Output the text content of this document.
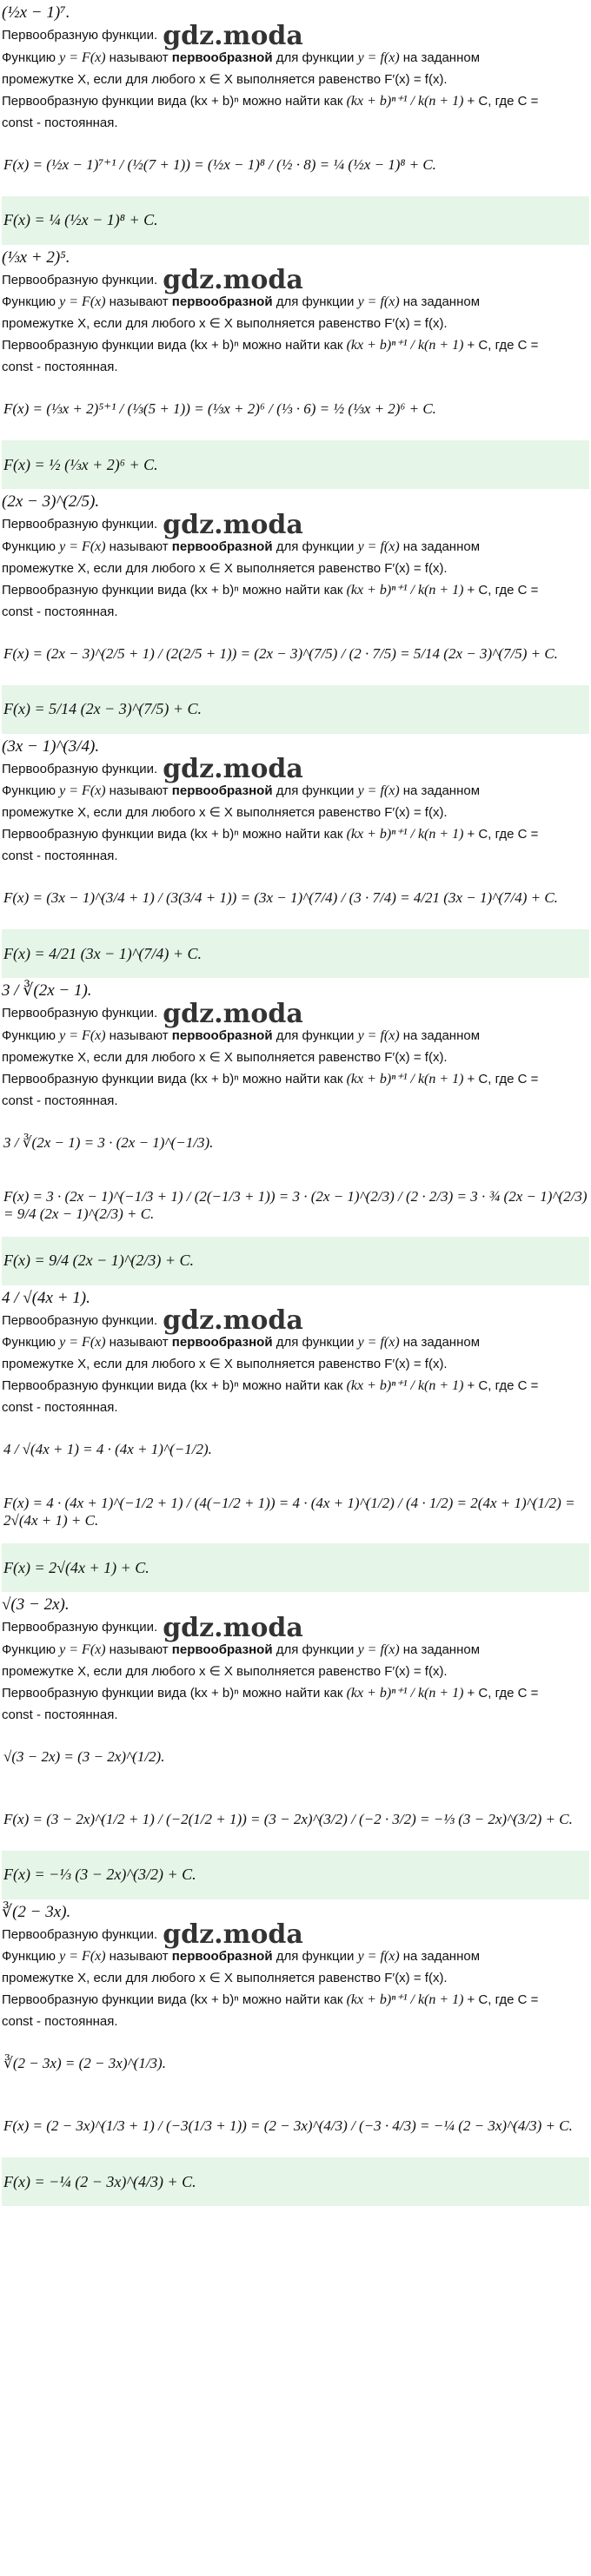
(½x − 1)⁷.
Первообразную функции. gdz.moda
Функцию y = F(x) называют первообразной для функции y = f(x) на заданном
промежутке X, если для любого x ∈ X выполняется равенство F′(x) = f(x).
Первообразную функции вида (kx + b)ⁿ можно найти как (kx + b)ⁿ⁺¹ / k(n + 1) + C, где C =
const - постоянная.
F(x) = (½x − 1)⁷⁺¹ / (½(7 + 1)) = (½x − 1)⁸ / (½ · 8) = ¼ (½x − 1)⁸ + C.
F(x) = ¼ (½x − 1)⁸ + C.
(⅓x + 2)⁵.
Первообразную функции. gdz.moda
Функцию y = F(x) называют первообразной для функции y = f(x) на заданном
промежутке X, если для любого x ∈ X выполняется равенство F′(x) = f(x).
Первообразную функции вида (kx + b)ⁿ можно найти как (kx + b)ⁿ⁺¹ / k(n + 1) + C, где C =
const - постоянная.
F(x) = (⅓x + 2)⁵⁺¹ / (⅓(5 + 1)) = (⅓x + 2)⁶ / (⅓ · 6) = ½ (⅓x + 2)⁶ + C.
F(x) = ½ (⅓x + 2)⁶ + C.
(2x − 3)^(2/5).
Первообразную функции. gdz.moda
Функцию y = F(x) называют первообразной для функции y = f(x) на заданном
промежутке X, если для любого x ∈ X выполняется равенство F′(x) = f(x).
Первообразную функции вида (kx + b)ⁿ можно найти как (kx + b)ⁿ⁺¹ / k(n + 1) + C, где C =
const - постоянная.
F(x) = (2x − 3)^(2/5 + 1) / (2(2/5 + 1)) = (2x − 3)^(7/5) / (2 · 7/5) = 5/14 (2x − 3)^(7/5) + C.
F(x) = 5/14 (2x − 3)^(7/5) + C.
(3x − 1)^(3/4).
Первообразную функции. gdz.moda
Функцию y = F(x) называют первообразной для функции y = f(x) на заданном
промежутке X, если для любого x ∈ X выполняется равенство F′(x) = f(x).
Первообразную функции вида (kx + b)ⁿ можно найти как (kx + b)ⁿ⁺¹ / k(n + 1) + C, где C =
const - постоянная.
F(x) = (3x − 1)^(3/4 + 1) / (3(3/4 + 1)) = (3x − 1)^(7/4) / (3 · 7/4) = 4/21 (3x − 1)^(7/4) + C.
F(x) = 4/21 (3x − 1)^(7/4) + C.
3 / ∛(2x − 1).
Первообразную функции. gdz.moda
Функцию y = F(x) называют первообразной для функции y = f(x) на заданном
промежутке X, если для любого x ∈ X выполняется равенство F′(x) = f(x).
Первообразную функции вида (kx + b)ⁿ можно найти как (kx + b)ⁿ⁺¹ / k(n + 1) + C, где C =
const - постоянная.
3 / ∛(2x − 1) = 3 · (2x − 1)^(−1/3).
F(x) = 3 · (2x − 1)^(−1/3 + 1) / (2(−1/3 + 1)) = 3 · (2x − 1)^(2/3) / (2 · 2/3) = 3 · ¾ (2x − 1)^(2/3) = 9/4 (2x − 1)^(2/3) + C.
F(x) = 9/4 (2x − 1)^(2/3) + C.
4 / √(4x + 1).
Первообразную функции. gdz.moda
Функцию y = F(x) называют первообразной для функции y = f(x) на заданном
промежутке X, если для любого x ∈ X выполняется равенство F′(x) = f(x).
Первообразную функции вида (kx + b)ⁿ можно найти как (kx + b)ⁿ⁺¹ / k(n + 1) + C, где C =
const - постоянная.
4 / √(4x + 1) = 4 · (4x + 1)^(−1/2).
F(x) = 4 · (4x + 1)^(−1/2 + 1) / (4(−1/2 + 1)) = 4 · (4x + 1)^(1/2) / (4 · 1/2) = 2(4x + 1)^(1/2) = 2√(4x + 1) + C.
F(x) = 2√(4x + 1) + C.
√(3 − 2x).
Первообразную функции. gdz.moda
Функцию y = F(x) называют первообразной для функции y = f(x) на заданном
промежутке X, если для любого x ∈ X выполняется равенство F′(x) = f(x).
Первообразную функции вида (kx + b)ⁿ можно найти как (kx + b)ⁿ⁺¹ / k(n + 1) + C, где C =
const - постоянная.
√(3 − 2x) = (3 − 2x)^(1/2).
F(x) = (3 − 2x)^(1/2 + 1) / (−2(1/2 + 1)) = (3 − 2x)^(3/2) / (−2 · 3/2) = −⅓ (3 − 2x)^(3/2) + C.
F(x) = −⅓ (3 − 2x)^(3/2) + C.
∛(2 − 3x).
Первообразную функции. gdz.moda
Функцию y = F(x) называют первообразной для функции y = f(x) на заданном
промежутке X, если для любого x ∈ X выполняется равенство F′(x) = f(x).
Первообразную функции вида (kx + b)ⁿ можно найти как (kx + b)ⁿ⁺¹ / k(n + 1) + C, где C =
const - постоянная.
∛(2 − 3x) = (2 − 3x)^(1/3).
F(x) = (2 − 3x)^(1/3 + 1) / (−3(1/3 + 1)) = (2 − 3x)^(4/3) / (−3 · 4/3) = −¼ (2 − 3x)^(4/3) + C.
F(x) = −¼ (2 − 3x)^(4/3) + C.
